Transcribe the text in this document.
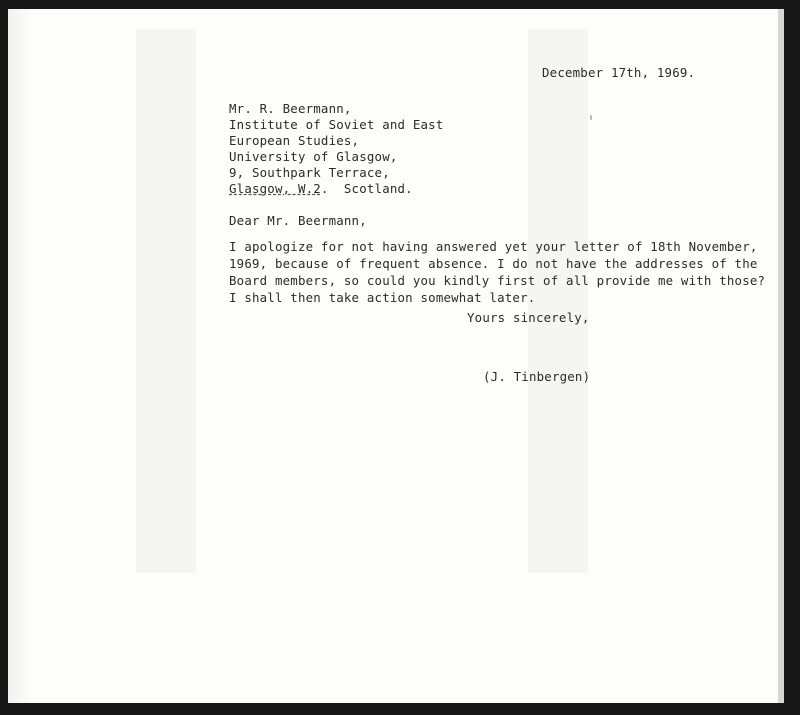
December 17th, 1969.
Mr. R. Beermann,
Institute of Soviet and East
European Studies,
University of Glasgow,
9, Southpark Terrace,
Glasgow, W.2.  Scotland.
Dear Mr. Beermann,
I apologize for not having answered yet your letter of 18th November,
1969, because of frequent absence. I do not have the addresses of the
Board members, so could you kindly first of all provide me with those?
I shall then take action somewhat later.
Yours sincerely,
(J. Tinbergen)
